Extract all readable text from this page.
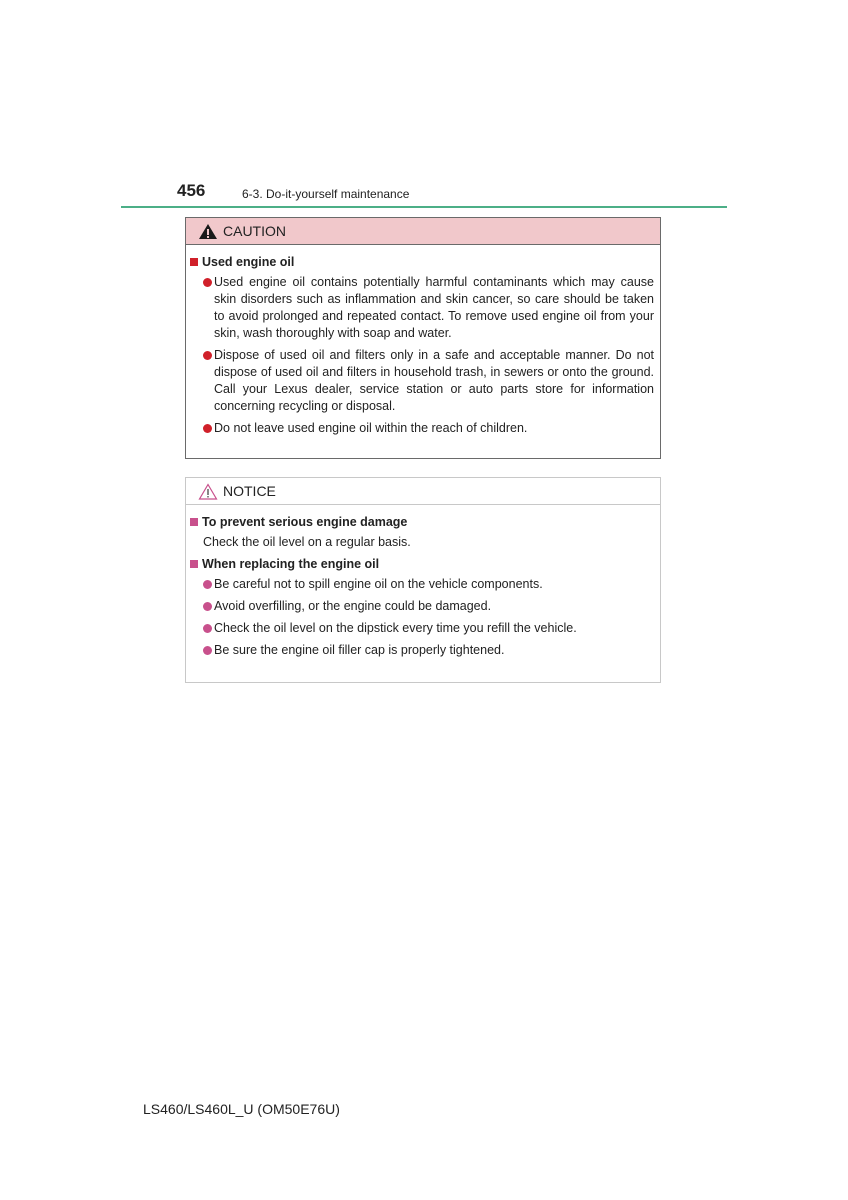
456	6-3. Do-it-yourself maintenance
CAUTION
Used engine oil
Used engine oil contains potentially harmful contaminants which may cause skin disorders such as inflammation and skin cancer, so care should be taken to avoid prolonged and repeated contact. To remove used engine oil from your skin, wash thoroughly with soap and water.
Dispose of used oil and filters only in a safe and acceptable manner. Do not dispose of used oil and filters in household trash, in sewers or onto the ground. Call your Lexus dealer, service station or auto parts store for information concerning recycling or disposal.
Do not leave used engine oil within the reach of children.
NOTICE
To prevent serious engine damage
Check the oil level on a regular basis.
When replacing the engine oil
Be careful not to spill engine oil on the vehicle components.
Avoid overfilling, or the engine could be damaged.
Check the oil level on the dipstick every time you refill the vehicle.
Be sure the engine oil filler cap is properly tightened.
LS460/LS460L_U (OM50E76U)
